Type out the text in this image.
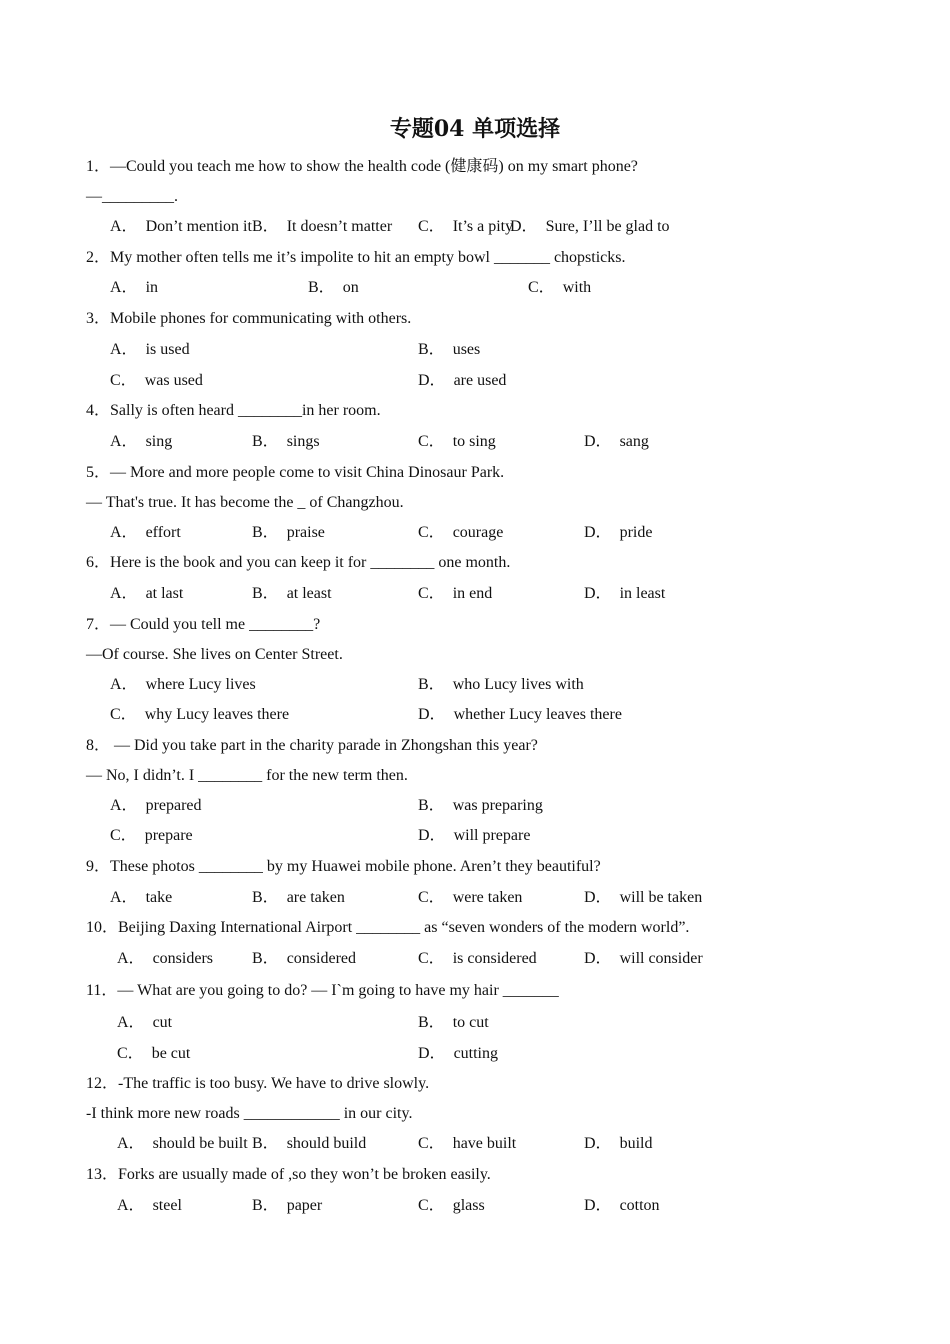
专题04 单项选择
1．—Could you teach me how to show the health code (健康码) on my smart phone?
—_________.
A． Don’t mention it B． It doesn’t matter C． It’s a pity
D． Sure, I’ll be glad to
2．My mother often tells me it’s impolite to hit an empty bowl _______ chopsticks.
A． in	B． on	C． with
3．Mobile phones for communicating with others.
A． is used	B． uses
C． was used	D． are used
4．Sally is often heard ________in her room.
A． sing	B． sings	C． to sing	D． sang
5．— More and more people come to visit China Dinosaur Park.
— That's true. It has become the _ of Changzhou.
A． effort	B． praise	C． courage	D． pride
6．Here is the book and you can keep it for ________ one month.
A． at last	B． at least	C． in end	D． in least
7．— Could you tell me ________?
—Of course. She lives on Center Street.
A． where Lucy lives	B． who Lucy lives with
C． why Lucy leaves there	D． whether Lucy leaves there
8． — Did you take part in the charity parade in Zhongshan this year?
— No, I didn’t. I ________ for the new term then.
A． prepared	B． was preparing
C． prepare	D． will prepare
9．These photos ________ by my Huawei mobile phone. Aren’t they beautiful?
A． take	B． are taken	C． were taken	D． will be taken
10．Beijing Daxing International Airport ________ as “seven wonders of the modern world”.
A． considers B． considered	C． is considered	D． will consider
11．— What are you going to do? — I`m going to have my hair _______
A． cut	B． to cut
C． be cut	D． cutting
12．-The traffic is too busy. We have to drive slowly.
-I think more new roads ____________ in our city.
A． should be built B． should build	C． have built	D． build
13．Forks are usually made of ,so they won’t be broken easily.
A． steel	B． paper	C． glass	D． cotton
